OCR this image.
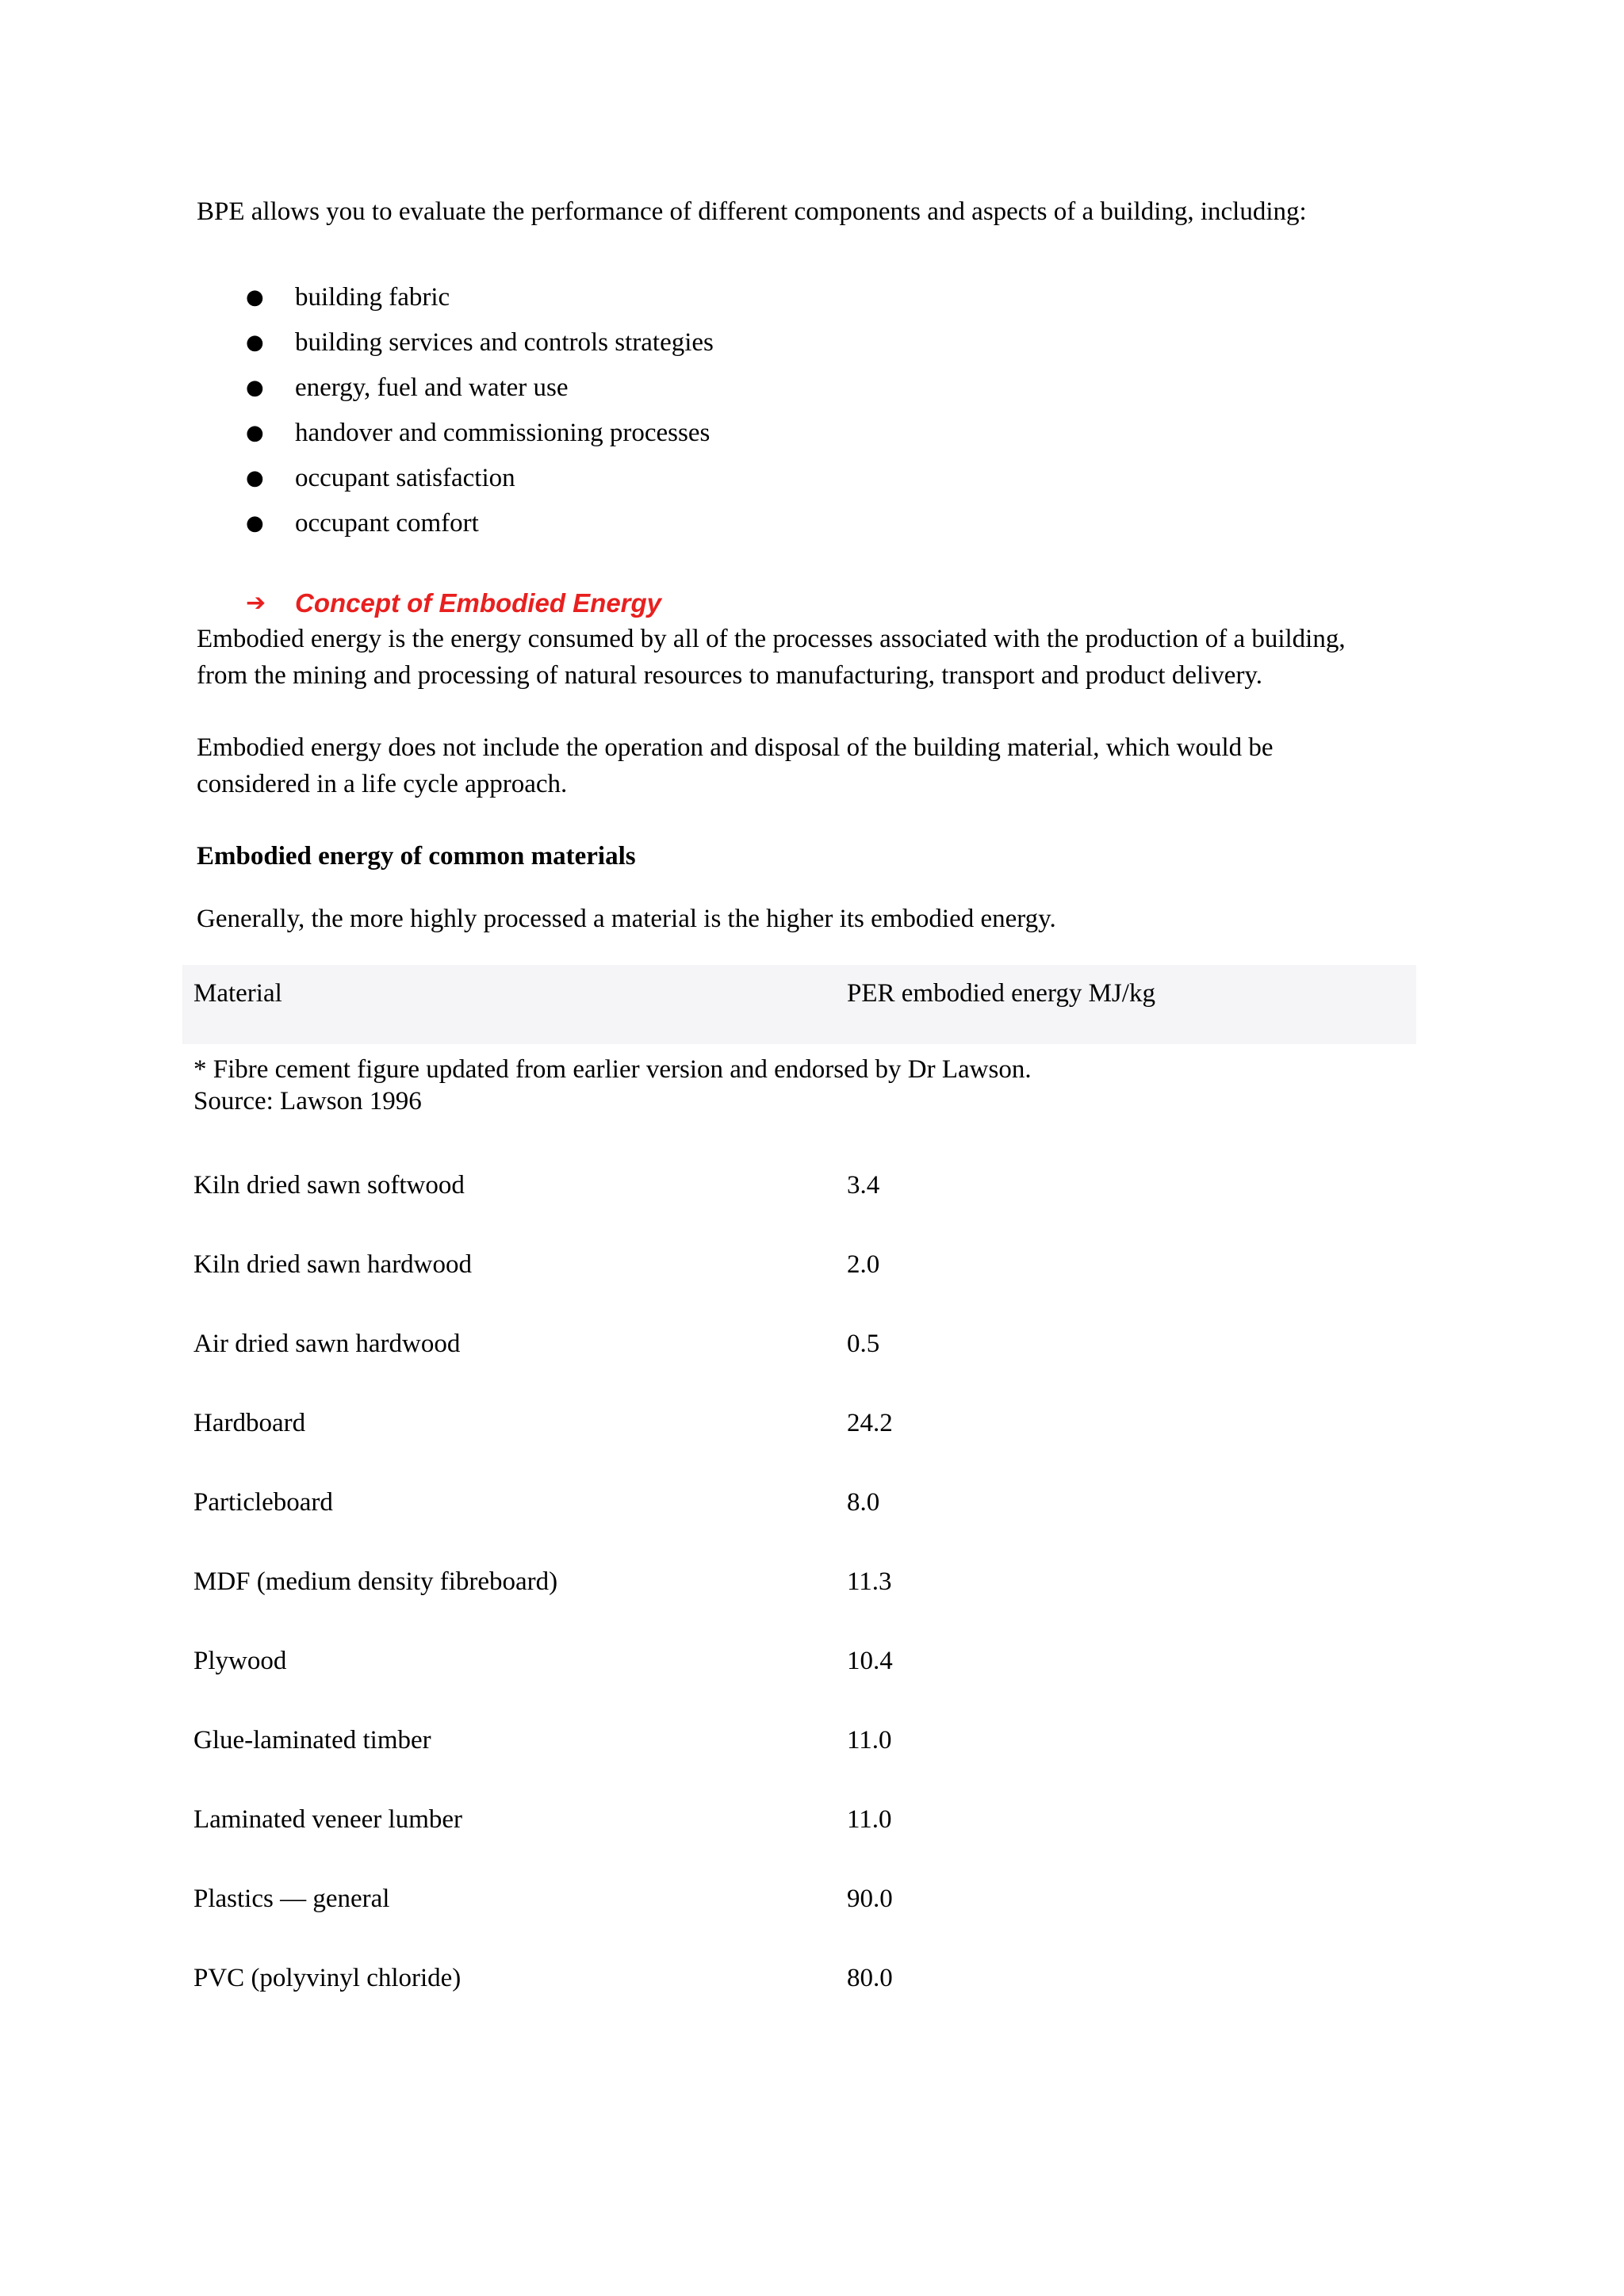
BPE allows you to evaluate the performance of different components and aspects of a building, including:

● building fabric
● building services and controls strategies
● energy, fuel and water use
● handover and commissioning processes
● occupant satisfaction
● occupant comfort
➔ Concept of Embodied Energy

Embodied energy is the energy consumed by all of the processes associated with the production of a building,

from the mining and processing of natural resources to manufacturing, transport and product delivery.

Embodied energy does not include the operation and disposal of the building material, which would be

considered in a life cycle approach.

Embodied energy of common materials

Generally, the more highly processed a material is the higher its embodied energy.

Material	PER embodied energy MJ/kg

* Fibre cement figure updated from earlier version and endorsed by Dr Lawson.
Source: Lawson 1996

Kiln dried sawn softwood	3.4
Kiln dried sawn hardwood	2.0
Air dried sawn hardwood	0.5
Hardboard	24.2
Particleboard	8.0
MDF (medium density fibreboard)	11.3
Plywood	10.4
Glue-laminated timber	11.0
Laminated veneer lumber	11.0
Plastics — general	90.0
PVC (polyvinyl chloride)	80.0
